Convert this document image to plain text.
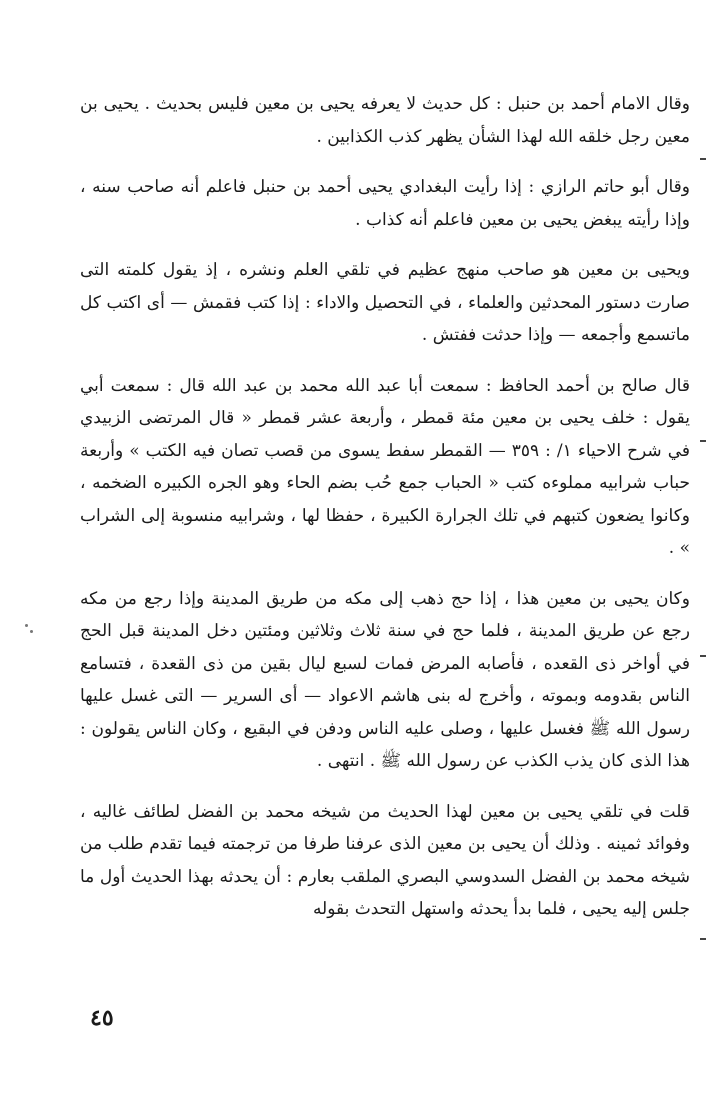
وقال الامام أحمد بن حنبل : كل حديث لا يعرفه يحيى بن معين فليس بحديث . يحيى بن معين رجل خلقه الله لهذا الشأن يظهر كذب الكذابين .

وقال أبو حاتم الرازي : إذا رأيت البغدادي يحيى أحمد بن حنبل فاعلم أنه صاحب سنه ، وإذا رأيته يبغض يحيى بن معين فاعلم أنه كذاب .

ويحيى بن معين هو صاحب منهج عظيم في تلقي العلم ونشره ، إذ يقول كلمته التى صارت دستور المحدثين والعلماء ، في التحصيل والاداء : إذا كتب فقمش — أى اكتب كل ماتسمع وأجمعه — وإذا حدثت ففتش .

قال صالح بن أحمد الحافظ : سمعت أبا عبد الله محمد بن عبد الله قال : سمعت أبي يقول : خلف يحيى بن معين مئة قمطر ، وأربعة عشر قمطر « قال المرتضى الزبيدي في شرح الاحياء ١/ : ٣٥٩ — القمطر سفط يسوى من قصب تصان فيه الكتب » وأربعة حباب شرابيه مملوءه كتب « الحباب جمع حُب بضم الحاء وهو الجره الكبيره الضخمه ، وكانوا يضعون كتبهم في تلك الجرارة الكبيرة ، حفظا لها ، وشرابيه منسوبة إلى الشراب » .

وكان يحيى بن معين هذا ، إذا حج ذهب إلى مكه من طريق المدينة وإذا رجع من مكه رجع عن طريق المدينة ، فلما حج في سنة ثلاث وثلاثين ومئتين دخل المدينة قبل الحج في أواخر ذى القعده ، فأصابه المرض فمات لسبع ليال بقين من ذى القعدة ، فتسامع الناس بقدومه وبموته ، وأخرج له بنى هاشم الاعواد — أى السرير — التى غسل عليها رسول الله ﷺ فغسل عليها ، وصلى عليه الناس ودفن في البقيع ، وكان الناس يقولون : هذا الذى كان يذب الكذب عن رسول الله ﷺ . انتهى .

قلت في تلقي يحيى بن معين لهذا الحديث من شيخه محمد بن الفضل لطائف غاليه ، وفوائد ثمينه . وذلك أن يحيى بن معين الذى عرفنا طرفا من ترجمته فيما تقدم طلب من شيخه محمد بن الفضل السدوسي البصري الملقب بعارم : أن يحدثه بهذا الحديث أول ما جلس إليه يحيى ، فلما بدأ يحدثه واستهل التحدث بقوله

٤٥
